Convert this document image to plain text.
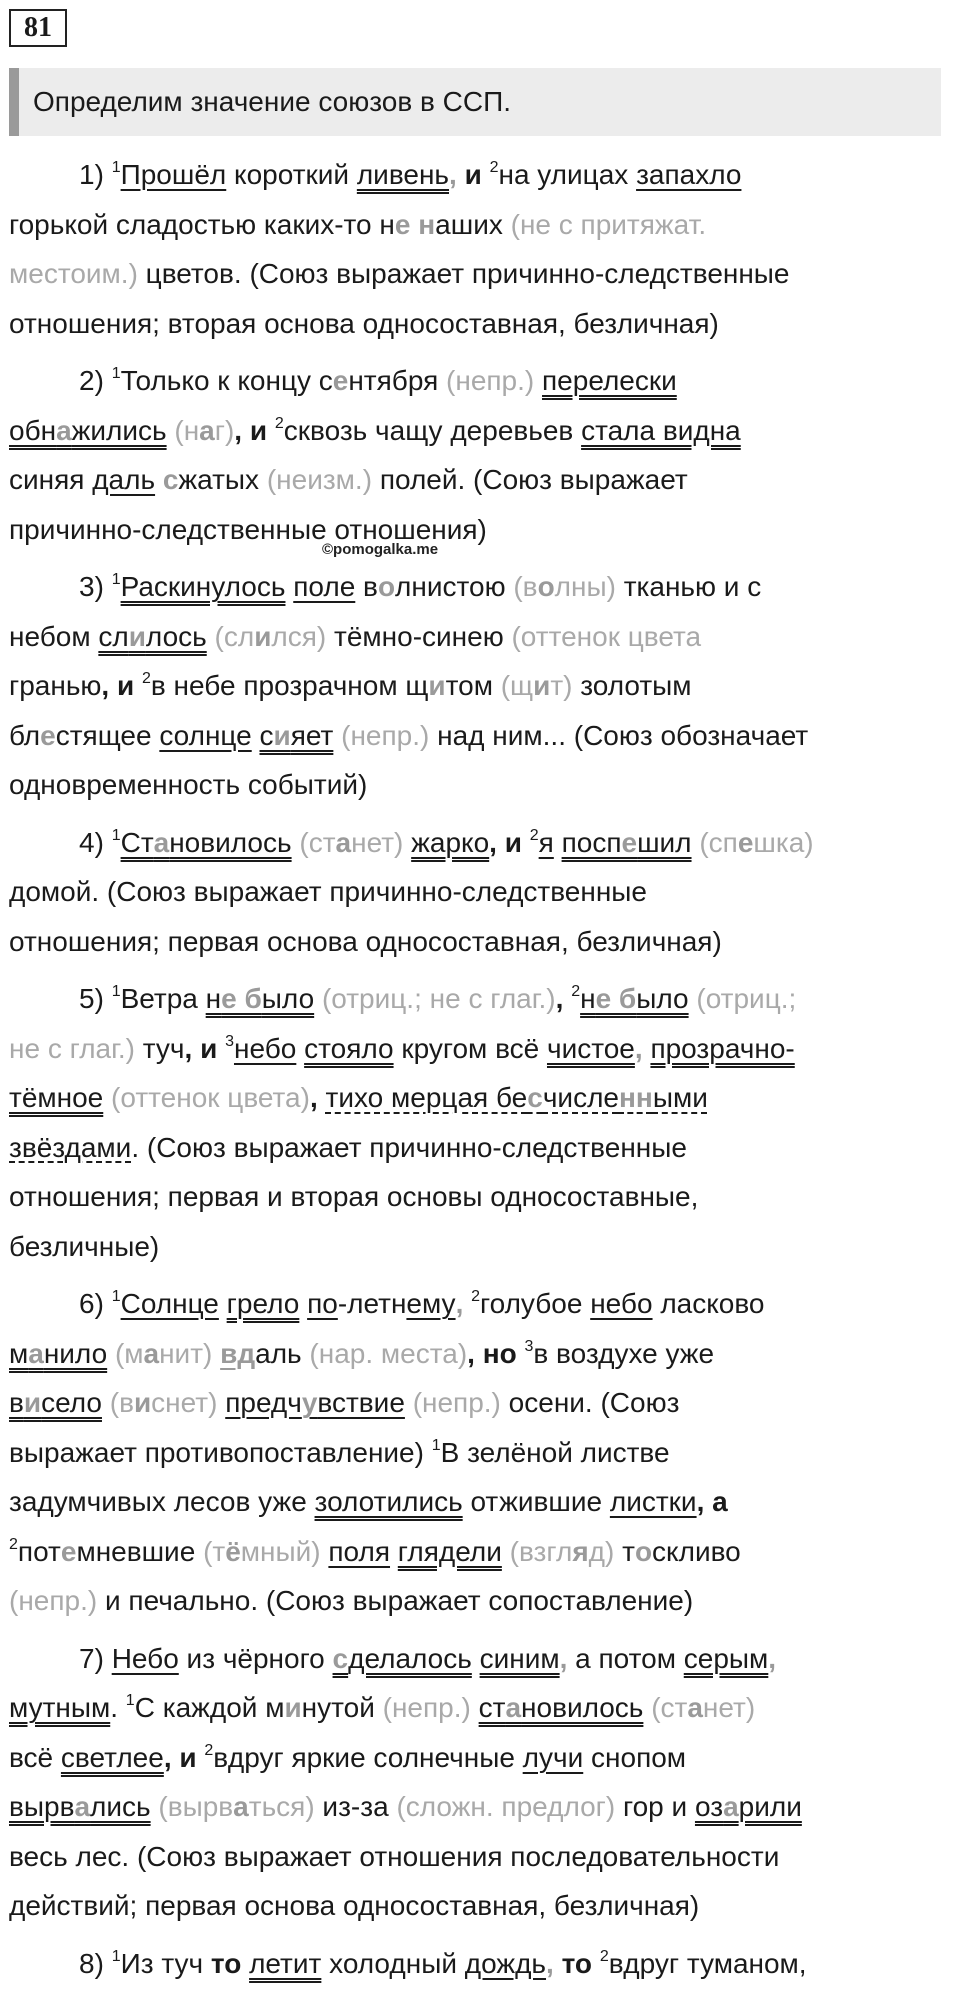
81
Определим значение союзов в ССП.
©pomogalka.me

1) $^1$Прошёл короткий ливень, и $^2$на улицах запахло

горькой сладостью каких-то не наших (не с притяжат.

местоим.) цветов. (Союз выражает причинно-следственные

отношения; вторая основа односоставная, безличная)

2) $^1$Только к концу сентября (непр.) перелески

обнажились (наг), и $^2$сквозь чащу деревьев стала видна

синяя даль сжатых (неизм.) полей. (Союз выражает

причинно-следственные отношения)

3) $^1$Раскинулось поле волнистою (волны) тканью и с

небом слилось (слился) тёмно-синею (оттенок цвета

гранью, и $^2$в небе прозрачном щитом (щит) золотым

блестящее солнце сияет (непр.) над ним... (Союз обозначает

одновременность событий)

4) $^1$Становилось (станет) жарко, и $^2$я поспешил (спешка)

домой. (Союз выражает причинно-следственные

отношения; первая основа односоставная, безличная)

5) $^1$Ветра не было (отриц.; не с глаг.), $^2$не было (отриц.;

не с глаг.) туч, и $^3$небо стояло кругом всё чистое, прозрачно-

тёмное (оттенок цвета), тихо мерцая бесчисленными

звёздами. (Союз выражает причинно-следственные

отношения; первая и вторая основы односоставные,

безличные)

6) $^1$Солнце грело по-летнему, $^2$голубое небо ласково

манило (манит) вдаль (нар. места), но $^3$в воздухе уже

висело (виснет) предчувствие (непр.) осени. (Союз

выражает противопоставление) $^1$В зелёной листве

задумчивых лесов уже золотились отжившие листки, а

$^2$потемневшие (тёмный) поля глядели (взгляд) тоскливо

(непр.) и печально. (Союз выражает сопоставление)

7) Небо из чёрного сделалось синим, а потом серым,

мутным. $^1$С каждой минутой (непр.) становилось (станет)

всё светлее, и $^2$вдруг яркие солнечные лучи снопом

вырвались (вырваться) из-за (сложн. предлог) гор и озарили

весь лес. (Союз выражает отношения последовательности

действий; первая основа односоставная, безличная)

8) $^1$Из туч то летит холодный дождь, то $^2$вдруг туманом,
